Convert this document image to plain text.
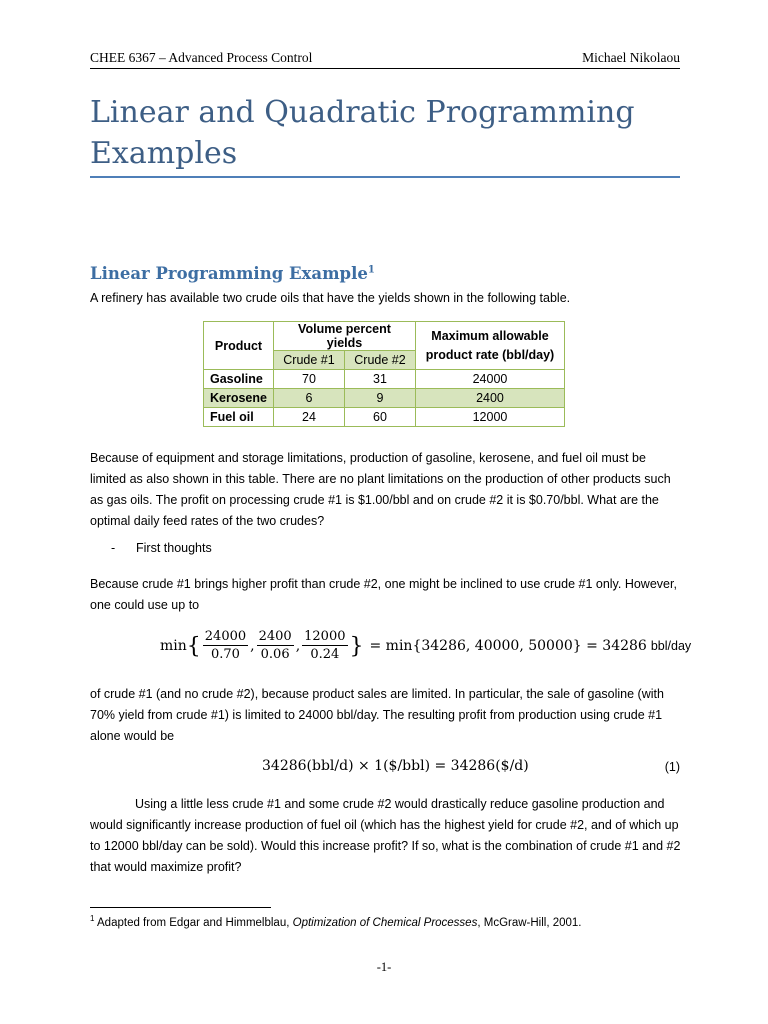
CHEE 6367 – Advanced Process Control	Michael Nikolaou
Linear and Quadratic Programming Examples
Linear Programming Example$^1$
A refinery has available two crude oils that have the yields shown in the following table.
Product	Volume percent yields		Maximum allowable product rate (bbl/day)
	Crude #1	Crude #2	
Gasoline	70	31	24000
Kerosene	6	9	2400
Fuel oil	24	60	12000
Because of equipment and storage limitations, production of gasoline, kerosene, and fuel oil must be limited as also shown in this table. There are no plant limitations on the production of other products such as gas oils. The profit on processing crude #1 is $1.00/bbl and on crude #2 it is $0.70/bbl. What are the optimal daily feed rates of the two crudes?
- First thoughts
Because crude #1 brings higher profit than crude #2, one might be inclined to use crude #1 only. However, one could use up to
min { $\frac{24000}{0.70}$ , $\frac{2400}{0.06}$ , $\frac{12000}{0.24}$ } = min{34286, 40000, 50000} = 34286 bbl/day
of crude #1 (and no crude #2), because product sales are limited. In particular, the sale of gasoline (with 70% yield from crude #1) is limited to 24000 bbl/day. The resulting profit from production using crude #1 alone would be
34286(bbl/d) × 1($/bbl) = 34286($/d)	(1)
Using a little less crude #1 and some crude #2 would drastically reduce gasoline production and would significantly increase production of fuel oil (which has the highest yield for crude #2, and of which up to 12000 bbl/day can be sold). Would this increase profit? If so, what is the combination of crude #1 and #2 that would maximize profit?
$^1$ Adapted from Edgar and Himmelblau, Optimization of Chemical Processes, McGraw-Hill, 2001.
-1-
